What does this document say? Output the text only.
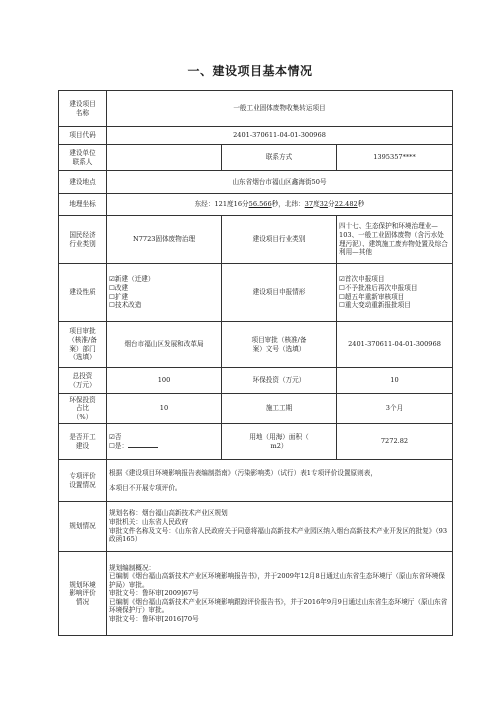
一、建设项目基本情况
建设项目
名称	一般工业固体废物收集转运项目		
项目代码	2401-370611-04-01-300968		
建设单位
联系人		联系方式	1395357****
建设地点	山东省烟台市福山区鑫海街50号		
地理坐标	东经：121度16分56.566秒，北纬：37度32分22.482秒		
国民经济
行业类别	N7723固体废物治理	建设项目行业类别	四十七、生态保护和环境治理业—103、一般工业固体废物（含污水处理污泥）、建筑施工废弃物处置及综合利用—其他
建设性质	☑新建（迁建）
☐改建
☐扩建
☐技术改造	建设项目申报情形	☑首次申报项目
☐不予批准后再次申报项目
☐超五年重新审核项目
☐重大变动重新报批项目

项目审批
（核准/备
案）部门
（选填）	烟台市福山区发展和改革局	项目审批（核准/备
案）文号（选填）	2401-370611-04-01-300968
总投资
（万元）	100	环保投资（万元）	10
环保投资
占比
（%）	10	施工工期	3个月
是否开工
建设	☑否
☐是：	用地（用海）面积（
m2）	7272.82
专项评价
设置情况	根据《建设项目环境影响报告表编制指南》（污染影响类）（试行）表1专项评价设置原则表，
本项目不开展专项评价。		

规划情况	规划名称：烟台福山高新技术产业区规划
审批机关：山东省人民政府
审批文件名称及文号：《山东省人民政府关于同意将福山高新技术产业园区纳入烟台高新技术产业开发区的批复》（93政函165）		

规划环境
影响评价
情况	规划编制概况：
已编制《烟台福山高新技术产业区环境影响报告书》，并于2009年12月8日通过山东省生态环境厅（原山东省环境保护局）审批。
审批文号：鲁环审[2009]67号
已编制《烟台福山高新技术产业区环境影响跟踪评价报告书》，并于2016年9月9日通过山东省生态环境厅（原山东省环境保护厅）审批。
审批文号：鲁环审[2016]70号		
